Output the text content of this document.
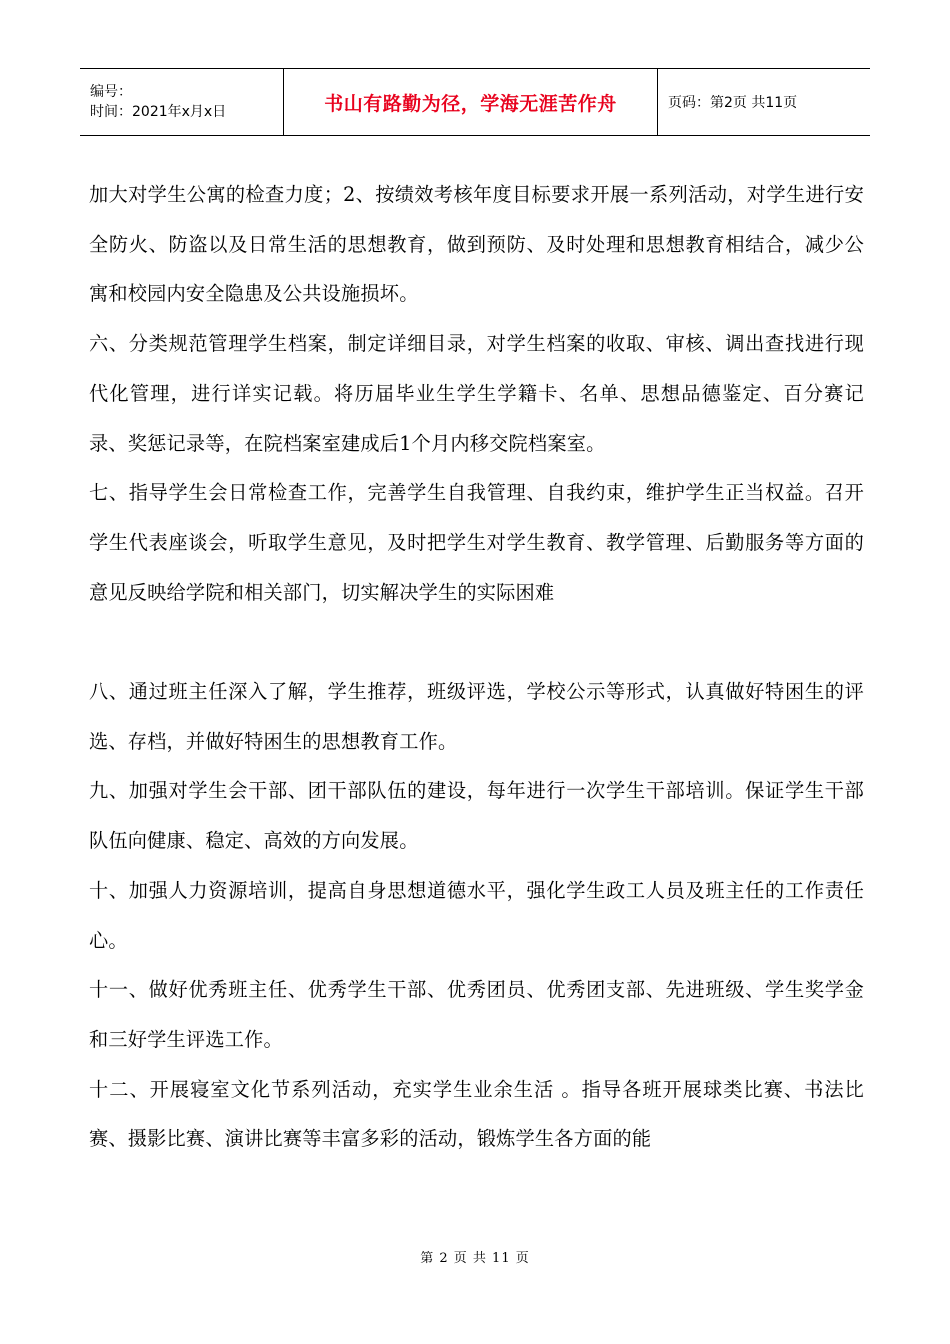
编号：
时间：2021年x月x日	书山有路勤为径，学海无涯苦作舟	页码：第2页 共11页

加大对学生公寓的检查力度；2、按绩效考核年度目标要求开展一系列活动，对学生进行安全防火、防盗以及日常生活的思想教育，做到预防、及时处理和思想教育相结合，减少公寓和校园内安全隐患及公共设施损坏。

六、分类规范管理学生档案，制定详细目录，对学生档案的收取、审核、调出查找进行现代化管理，进行详实记载。将历届毕业生学生学籍卡、名单、思想品德鉴定、百分赛记录、奖惩记录等，在院档案室建成后1个月内移交院档案室。

七、指导学生会日常检查工作，完善学生自我管理、自我约束，维护学生正当权益。召开学生代表座谈会，听取学生意见，及时把学生对学生教育、教学管理、后勤服务等方面的意见反映给学院和相关部门，切实解决学生的实际困难

八、通过班主任深入了解，学生推荐，班级评选，学校公示等形式，认真做好特困生的评选、存档，并做好特困生的思想教育工作。

九、加强对学生会干部、团干部队伍的建设，每年进行一次学生干部培训。保证学生干部队伍向健康、稳定、高效的方向发展。

十、加强人力资源培训，提高自身思想道德水平，强化学生政工人员及班主任的工作责任心。

十一、做好优秀班主任、优秀学生干部、优秀团员、优秀团支部、先进班级、学生奖学金和三好学生评选工作。

十二、开展寝室文化节系列活动，充实学生业余生活 。指导各班开展球类比赛、书法比赛、摄影比赛、演讲比赛等丰富多彩的活动，锻炼学生各方面的能

第 2 页 共 11 页
